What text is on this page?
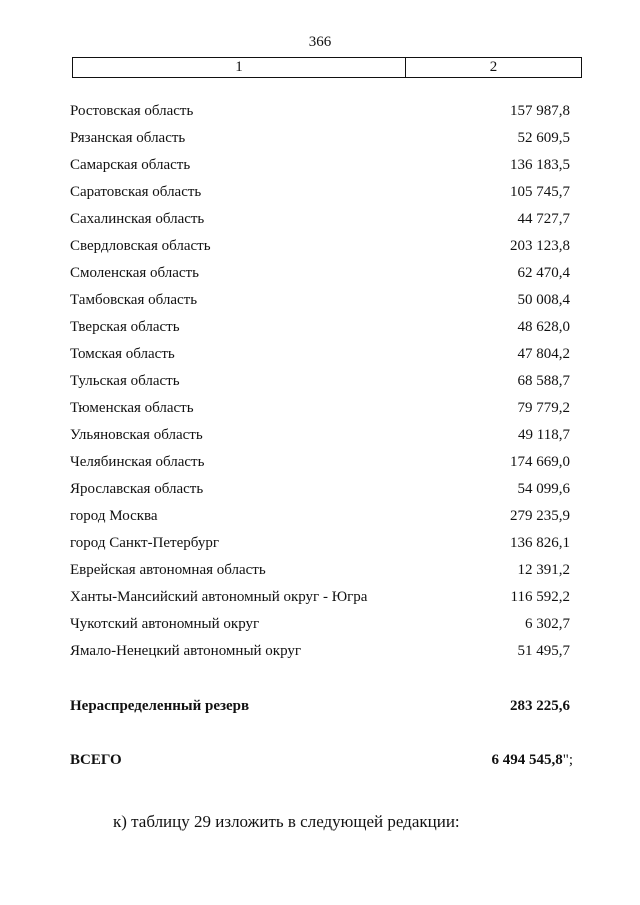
366
1	2
Ростовская область	157 987,8
Рязанская область	52 609,5
Самарская область	136 183,5
Саратовская область	105 745,7
Сахалинская область	44 727,7
Свердловская область	203 123,8
Смоленская область	62 470,4
Тамбовская область	50 008,4
Тверская область	48 628,0
Томская область	47 804,2
Тульская область	68 588,7
Тюменская область	79 779,2
Ульяновская область	49 118,7
Челябинская область	174 669,0
Ярославская область	54 099,6
город Москва	279 235,9
город Санкт-Петербург	136 826,1
Еврейская автономная область	12 391,2
Ханты-Мансийский автономный округ - Югра	116 592,2
Чукотский автономный округ	6 302,7
Ямало-Ненецкий автономный округ	51 495,7
Нераспределенный резерв	283 225,6
ВСЕГО	6 494 545,8";
к) таблицу 29 изложить в следующей редакции:
